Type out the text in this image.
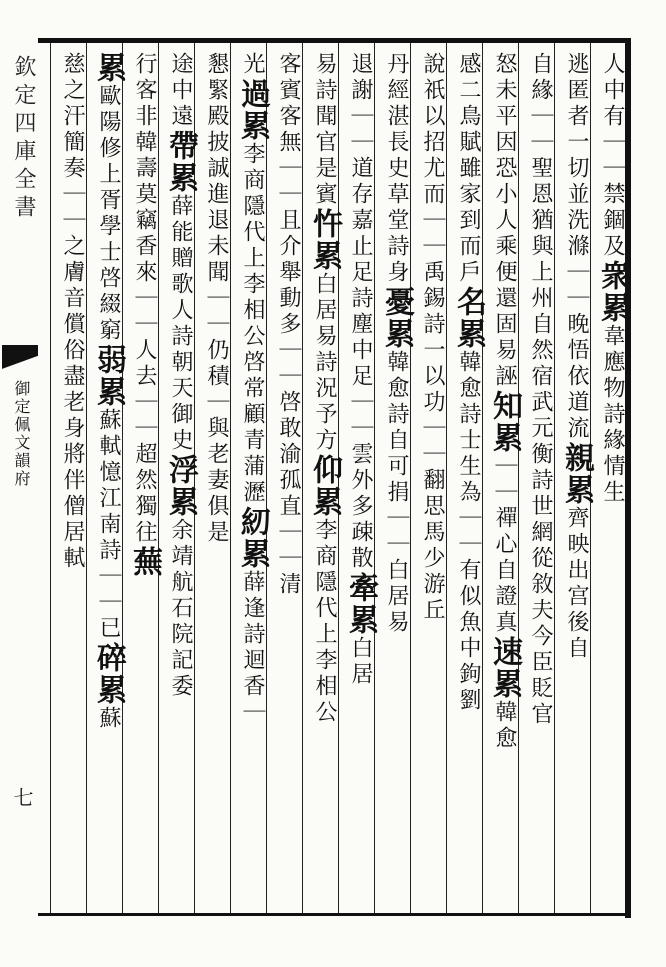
欽定四庫全書
御定佩文韻府
七
人中有｜｜禁錮及
衆累
韋應物詩緣情生
逃匿者一切並洗滌
｜｜晚悟依道流
親累
齊映出宫後自
自緣｜｜聖恩猶與上州自然宿
武元衡詩世網從
敘夫今臣貶官
怒未平因恐小人乘便還固易誣
知累
｜｜禪心自證真
速累
韓愈
感二鳥賦雖家到而戶
名累
韓愈詩士生為
｜｜有似魚中鉤劉
說祇以招尤而｜｜
禹錫詩一以功｜｜
翻思馬少游丘
丹經湛長史草堂詩身
憂累
韓愈詩自可捐｜｜
白居易
退謝｜｜道存嘉止足
詩塵中足｜｜雲外多疎散
牽累
白居
易詩聞官是賓
忤累
白居易詩況予方
仰累
李商隱代上李相公
客賓客無｜｜
且介舉動多｜｜
啓敢渝孤直｜｜清
光
過累
李商隱代上李相公啓常顧青蒲瀝
紉累
薛逢詩迴香｜
懇緊殿披誠進退未聞｜｜仍積
｜與老妻俱是
途中遠
帶累
薛能贈歌人詩朝天御史
浮累
余靖航石院記委
行客
非韓壽莫竊香來｜｜人
去｜｜超然獨往
蕪
累
歐陽修上胥學士啓綴窮
弱累
蘇軾憶江南詩｜｜已
碎累
蘇
慈之汗簡奏｜｜之膚音
償俗盡老身將伴僧居
軾
